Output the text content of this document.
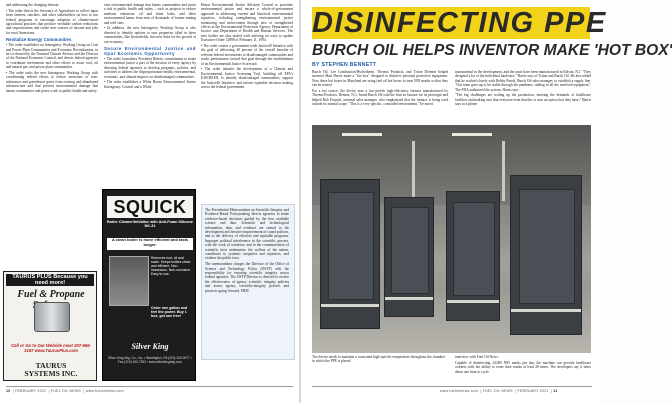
and addressing the changing climate.

• The order directs the Secretary of Agriculture to collect input from farmers, ranchers, and other stakeholders on how to use federal programs to encourage adoption of climate-smart agricultural practices that produce verifiable carbon reductions and sequestrations and create new sources of income and jobs for rural Americans.

Revitalize Energy Communities

• The order establishes an Interagency Working Group on Coal and Power Plant Communities and Economic Revitalization, to be co-chaired by the National Climate Advisor and the Director of the National Economic Council, and directs federal agencies to coordinate investments and other efforts to assist coal, oil and natural gas, and power plant communities.

• The order tasks the new Interagency Working Group with coordinating federal efforts to reduce emissions of toxic substances and greenhouse gases from existing and abandoned infrastructure and that prevent environmental damage that harms communities and poses a risk to public health and safety.

vent environmental damage that harms communities and poses a risk to public health and safety – such as projects to reduce methane emissions, oil and brine leaks, and other environmental harms from tens of thousands of former mining and well sites.

• In addition, the new Interagency Working Group is also directed to identify options to turn properties idled in these communities, like brownfields, into new hubs for the growth of our economy.

Secure Environmental Justice and Spur Economic Opportunity

• The order formalizes President Biden's commitment to make environmental justice a part of the mission of every agency by directing federal agencies to develop programs, policies, and activities to address the disproportionate health, environmental, economic, and climate impacts on disadvantaged communities.

• The order establishes a White House Environmental Justice Interagency Council and a White

House Environmental Justice Advisory Council to prioritize environmental justice and ensure a whole-of-government approach to addressing current and historical environmental injustices, including strengthening environmental justice monitoring and enforcement through new or strengthened offices at the Environmental Protection Agency, Department of Justice, and Department of Health and Human Services. The new bodies are also tasked with advising on ways to update Executive Order 12898 of February 11, 1994.

• The order creates a government-wide Justice40 Initiative with the goal of delivering 40 percent of the overall benefits of relevant federal investments to disadvantaged communities and tracks performance toward that goal through the establishment of an Environmental Justice Scorecard.

• The order initiates the development of a Climate and Environmental Justice Screening Tool, building off EPA's EJSCREEN, to identify disadvantaged communities, support the Justice40 Initiative, and inform equitable decision making across the federal government.

The Presidential Memorandum on Scientific Integrity and Evidence-Based Policymaking directs agencies to make evidence-based decisions guided by the best available science and data. Scientific and technological information, data, and evidence are central to the development and iterative improvement of sound policies, and to the delivery of effective and equitable programs. Improper political interference in the scientific process, with the work of scientists, and in the communication of scientific facts undermines the welfare of the nation, contributes to systemic inequities and injustices, and violates the public trust.

The memorandum charges the Director of the Office of Science and Technology Policy (OSTP) with the responsibility for ensuring scientific integrity across federal agencies. The OSTP Director is directed to review the effectiveness of agency scientific integrity policies and assess agency scientific-integrity policies and practices going forward. FBM

TAURUS PLUS Because you need more!
Fuel & Propane
Call or Go to Our Website now! 207-666-3167 www.TaurusPlus.com
TAURUS SYSTEMS INC.
SQUICK
Boiler Cleaner/Inhibitor with Anti-Foam Silicone NK-31
A clean boiler is more efficient and lasts longer.
Removes rust, oil and scale. Keeps boilers clean and efficient. Non-hazardous. Non-corrosive. Easy to use.
Order one gallon and feel the power. Buy 1 box, get one free!
Silver King
Silver King Mfg. Co., Inc. • Warrington, PA (215) 343-0077 • Fax (215) 343-7392 • www.silverkingmfg.com
10  | FEBRUARY 2021  | FUEL OIL NEWS  | www.fueloilnews.com
DISINFECTING PPE
BURCH OIL HELPS INVENTOR MAKE 'HOT BOX'
BY STEPHEN BENNETT

Burch Oil, Lee Combustion/Hydrotherm, Thermo Products, and Triton Defense helped inventor Matt Harris make a "hot box" designed to disinfect personal protective equipment. Now these hot boxes in Maryland are using fuel oil hot boxes to treat N95 masks so that they can be reused.

For a hot source, the device uses a low-profile high-efficiency furnace manufactured by Thermo Products. Denton, N.C.-based Burch Oil sold the firm its furnace for its prototype and helped Rob Pospisil, national sales manager, who emphasized that the furnace is being used outside its normal scope. "This is a very specific, controlled environment," he noted.

instrumental in the development, and the units have been manufactured in Edison, N.J. "They designed a lot of the individual hardware," Harris says of Triton and Burch Oil. He also added that he worked closely with Bobby Parish, Burch Oil sales manager, to establish a supply line. "Our team gave up to be stable through the pandemic, adding to all the involved equipment." The FDA authorized the system, Harris says.

"The big challenges are scaling up the production, meeting the demands of healthcare facilities and making sure that everyone even that this is now an option that they have," Harris says in a phone

The device needs to maintain a consistent high specific temperature throughout the chamber in which the PPE is placed.

interview with Fuel Oil News.

Capable of disinfecting 24,000 N95 masks per day, the machine can provide healthcare workers with the ability to reuse their masks at least 20 times. The developers say it takes about one hour to cycle.

www.fueloilnews.com  | FUEL OIL NEWS  | FEBRUARY 2021  | 11
